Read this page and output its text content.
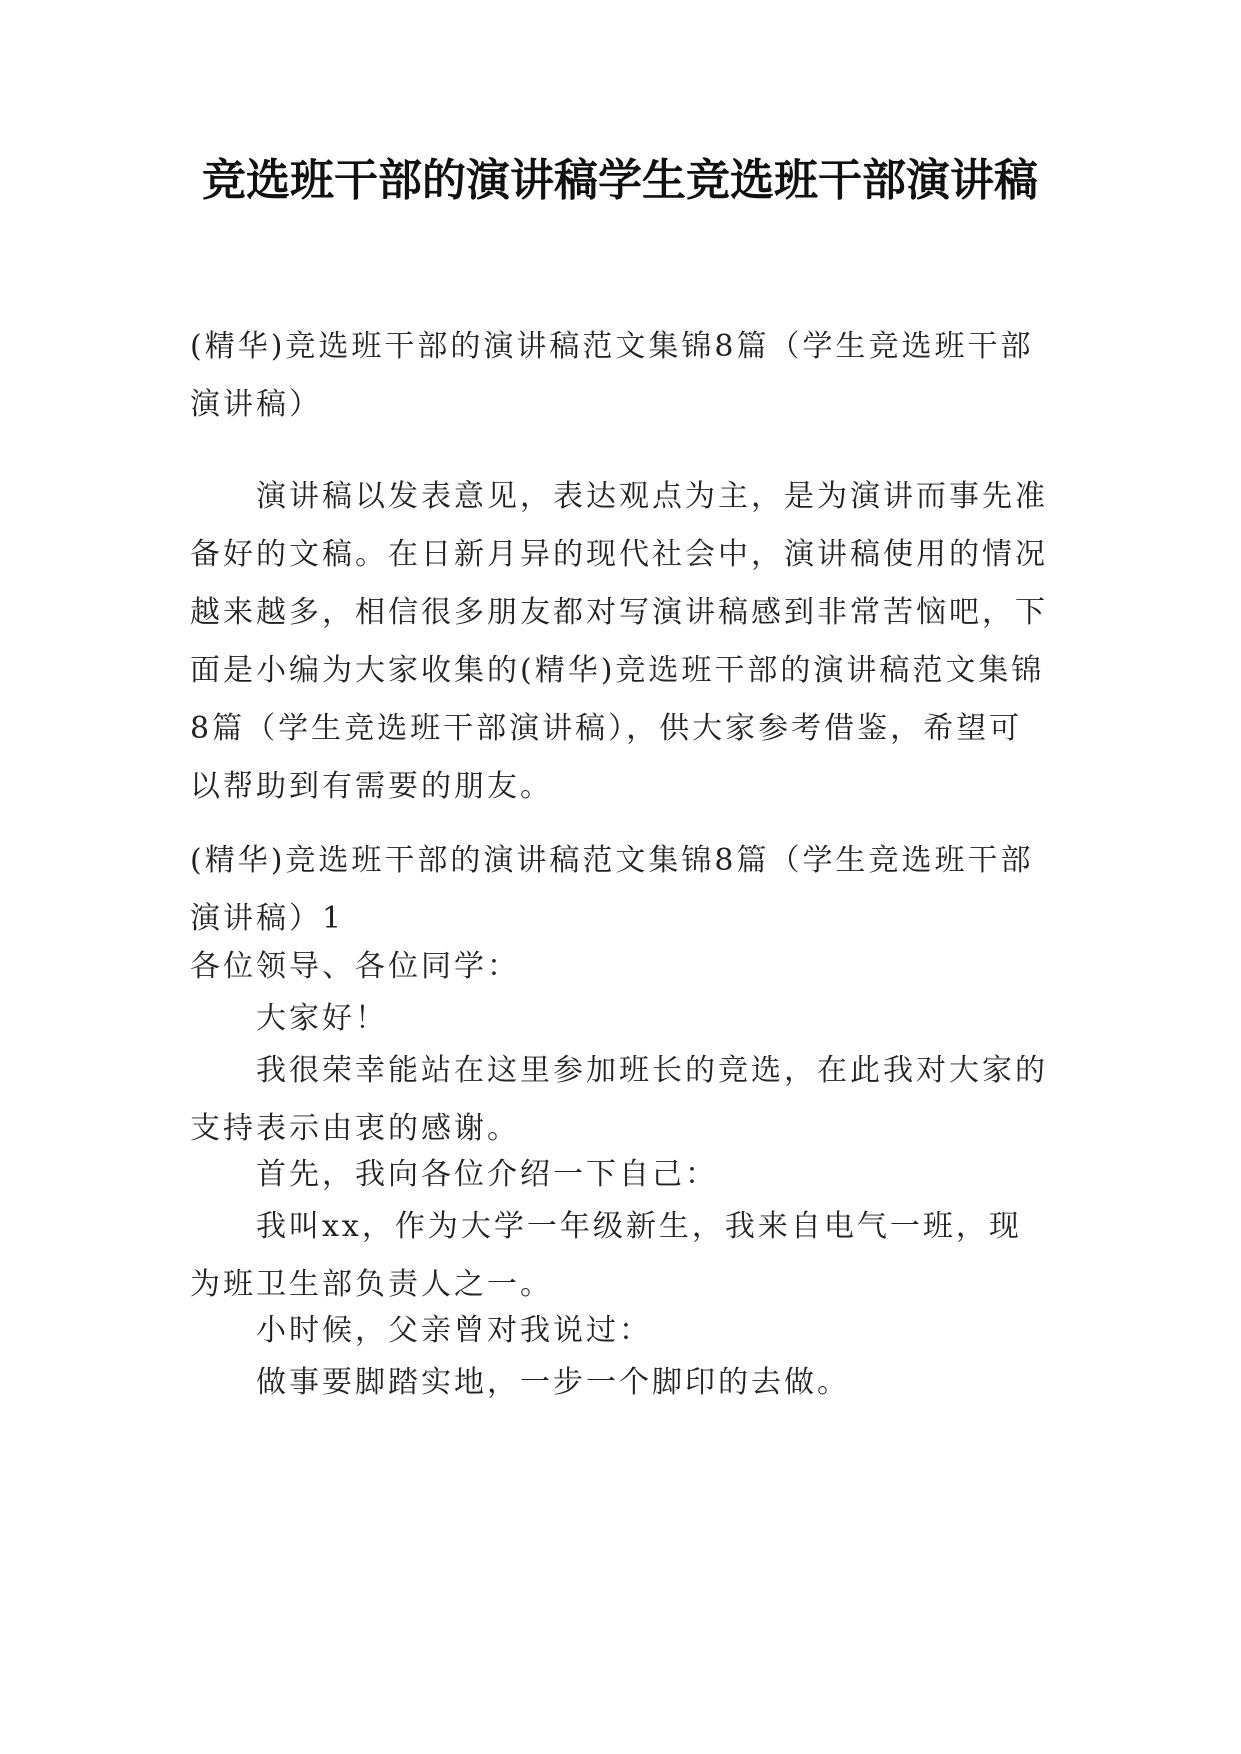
竞选班干部的演讲稿学生竞选班干部演讲稿

(精华)竞选班干部的演讲稿范文集锦8篇（学生竞选班干部演讲稿）

演讲稿以发表意见，表达观点为主，是为演讲而事先准备好的文稿。在日新月异的现代社会中，演讲稿使用的情况越来越多，相信很多朋友都对写演讲稿感到非常苦恼吧，下面是小编为大家收集的(精华)竞选班干部的演讲稿范文集锦8篇（学生竞选班干部演讲稿），供大家参考借鉴，希望可以帮助到有需要的朋友。

(精华)竞选班干部的演讲稿范文集锦8篇（学生竞选班干部演讲稿）1

各位领导、各位同学：

大家好！

我很荣幸能站在这里参加班长的竞选，在此我对大家的支持表示由衷的感谢。

首先，我向各位介绍一下自己：

我叫xx，作为大学一年级新生，我来自电气一班，现为班卫生部负责人之一。

小时候，父亲曾对我说过：

做事要脚踏实地，一步一个脚印的去做。
